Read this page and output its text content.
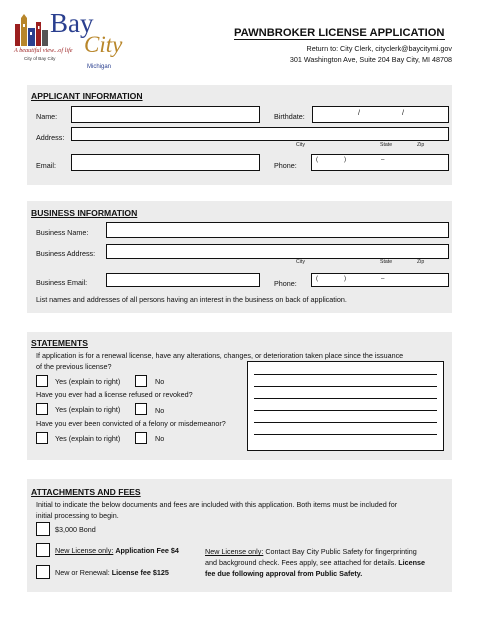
Bay
City
Michigan
A beautiful view...of life
City of Bay City
PAWNBROKER LICENSE APPLICATION
Return to: City Clerk, cityclerk@baycitymi.gov
301 Washington Ave, Suite 204 Bay City, MI 48708
APPLICANT INFORMATION
Name:	Birthdate:	/	/
Address:
City	State	Zip
Email:	Phone:
(	)	–
BUSINESS INFORMATION
Business Name:
Business Address:
City	State	Zip
Business Email:	Phone:
(	)	–
List names and addresses of all persons having an interest in the business on back of application.
STATEMENTS
If application is for a renewal license, have any alterations, changes, or deterioration taken place since the issuance
of the previous license?
Yes (explain to right)	No
Have you ever had a license refused or revoked?
Yes (explain to right)	No
Have you ever been convicted of a felony or misdemeanor?
Yes (explain to right)	No
ATTACHMENTS AND FEES
Initial to indicate the below documents and fees are included with this application. Both items must be included for
initial processing to begin.
$3,000 Bond
New License only: Application Fee $4
New or Renewal: License fee $125
New License only: Contact Bay City Public Safety for fingerprinting
and background check. Fees apply, see attached for details. License
fee due following approval from Public Safety.
